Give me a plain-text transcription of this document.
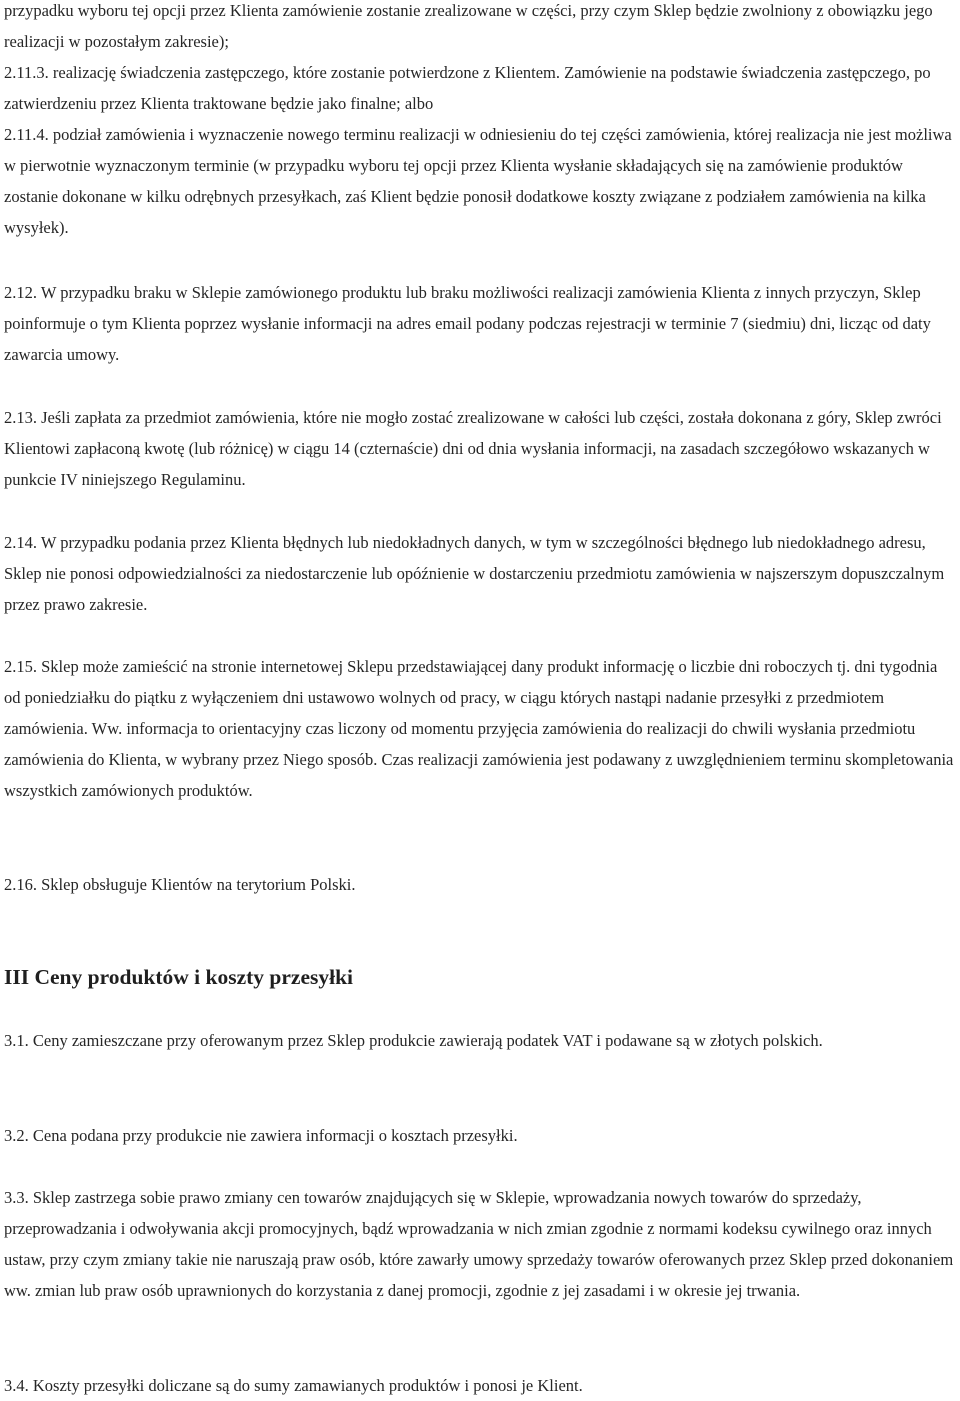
przypadku wyboru tej opcji przez Klienta zamówienie zostanie zrealizowane w części, przy czym Sklep będzie zwolniony z obowiązku jego realizacji w pozostałym zakresie);

2.11.3. realizację świadczenia zastępczego, które zostanie potwierdzone z Klientem. Zamówienie na podstawie świadczenia zastępczego, po zatwierdzeniu przez Klienta traktowane będzie jako finalne; albo

2.11.4. podział zamówienia i wyznaczenie nowego terminu realizacji w odniesieniu do tej części zamówienia, której realizacja nie jest możliwa w pierwotnie wyznaczonym terminie (w przypadku wyboru tej opcji przez Klienta wysłanie składających się na zamówienie produktów zostanie dokonane w kilku odrębnych przesyłkach, zaś Klient będzie ponosił dodatkowe koszty związane z podziałem zamówienia na kilka wysyłek).

2.12. W przypadku braku w Sklepie zamówionego produktu lub braku możliwości realizacji zamówienia Klienta z innych przyczyn, Sklep poinformuje o tym Klienta poprzez wysłanie informacji na adres email podany podczas rejestracji w terminie 7 (siedmiu) dni, licząc od daty zawarcia umowy.

2.13. Jeśli zapłata za przedmiot zamówienia, które nie mogło zostać zrealizowane w całości lub części, została dokonana z góry, Sklep zwróci Klientowi zapłaconą kwotę (lub różnicę) w ciągu 14 (czternaście) dni od dnia wysłania informacji, na zasadach szczegółowo wskazanych w punkcie IV niniejszego Regulaminu.

2.14. W przypadku podania przez Klienta błędnych lub niedokładnych danych, w tym w szczególności błędnego lub niedokładnego adresu, Sklep nie ponosi odpowiedzialności za niedostarczenie lub opóźnienie w dostarczeniu przedmiotu zamówienia w najszerszym dopuszczalnym przez prawo zakresie.

2.15. Sklep może zamieścić na stronie internetowej Sklepu przedstawiającej dany produkt informację o liczbie dni roboczych tj. dni tygodnia od poniedziałku do piątku z wyłączeniem dni ustawowo wolnych od pracy, w ciągu których nastąpi nadanie przesyłki z przedmiotem zamówienia. Ww. informacja to orientacyjny czas liczony od momentu przyjęcia zamówienia do realizacji do chwili wysłania przedmiotu zamówienia do Klienta, w wybrany przez Niego sposób. Czas realizacji zamówienia jest podawany z uwzględnieniem terminu skompletowania wszystkich zamówionych produktów.

2.16. Sklep obsługuje Klientów na terytorium Polski.

III Ceny produktów i koszty przesyłki

3.1. Ceny zamieszczane przy oferowanym przez Sklep produkcie zawierają podatek VAT i podawane są w złotych polskich.

3.2. Cena podana przy produkcie nie zawiera informacji o kosztach przesyłki.

3.3. Sklep zastrzega sobie prawo zmiany cen towarów znajdujących się w Sklepie, wprowadzania nowych towarów do sprzedaży, przeprowadzania i odwoływania akcji promocyjnych, bądź wprowadzania w nich zmian zgodnie z normami kodeksu cywilnego oraz innych ustaw, przy czym zmiany takie nie naruszają praw osób, które zawarły umowy sprzedaży towarów oferowanych przez Sklep przed dokonaniem ww. zmian lub praw osób uprawnionych do korzystania z danej promocji, zgodnie z jej zasadami i w okresie jej trwania.

3.4. Koszty przesyłki doliczane są do sumy zamawianych produktów i ponosi je Klient.
